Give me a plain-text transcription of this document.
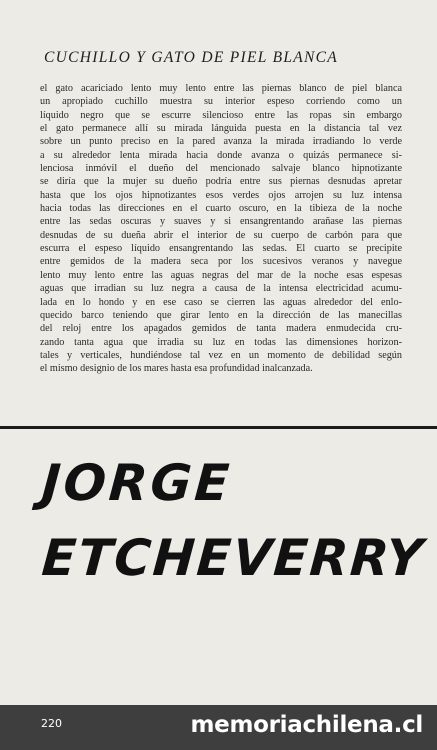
CUCHILLO Y GATO DE PIEL BLANCA
el gato acariciado lento muy lento entre las piernas blanco de piel blanca
un apropiado cuchillo muestra su interior espeso corriendo como un
líquido negro que se escurre silencioso entre las ropas sin embargo
el gato permanece allí su mirada lánguida puesta en la distancia tal vez
sobre un punto preciso en la pared avanza la mirada irradiando lo verde
a su alrededor lenta mirada hacia donde avanza o quizás permanece si-
lenciosa inmóvil el dueño del mencionado salvaje blanco hipnotizante
se diría que la mujer su dueño podría entre sus piernas desnudas apretar
hasta que los ojos hipnotizantes esos verdes ojos arrojen su luz intensa
hacia todas las direcciones en el cuarto oscuro, en la tibieza de la noche
entre las sedas oscuras y suaves y si ensangrentando arañase las piernas
desnudas de su dueña abrir el interior de su cuerpo de carbón para que
escurra el espeso líquido ensangrentando las sedas. El cuarto se precipite
entre gemidos de la madera seca por los sucesivos veranos y navegue
lento muy lento entre las aguas negras del mar de la noche esas espesas
aguas que irradian su luz negra a causa de la intensa electricidad acumu-
lada en lo hondo y en ese caso se cierren las aguas alrededor del enlo-
quecido barco teniendo que girar lento en la dirección de las manecillas
del reloj entre los apagados gemidos de tanta madera enmudecida cru-
zando tanta agua que irradia su luz en todas las dimensiones horizon-
tales y verticales, hundiéndose tal vez en un momento de debilidad según
el mismo designio de los mares hasta esa profundidad inalcanzada.
JORGE
ETCHEVERRY
220	memoriachilena.cl
